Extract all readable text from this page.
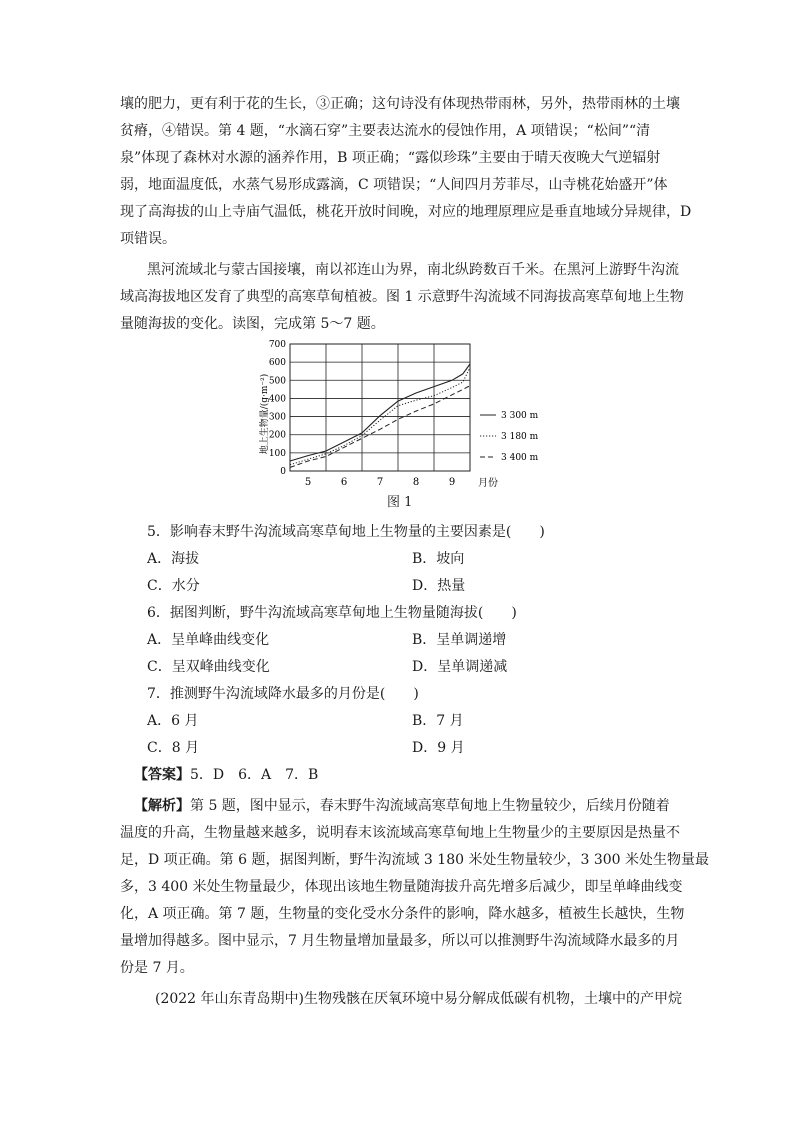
壤的肥力，更有利于花的生长，③正确；这句诗没有体现热带雨林，另外，热带雨林的土壤
贫瘠，④错误。第 4 题，“水滴石穿”主要表达流水的侵蚀作用，A 项错误；“松间”“清
泉”体现了森林对水源的涵养作用，B 项正确；“露似珍珠”主要由于晴天夜晚大气逆辐射
弱，地面温度低，水蒸气易形成露滴，C 项错误；“人间四月芳菲尽，山寺桃花始盛开”体
现了高海拔的山上寺庙气温低，桃花开放时间晚，对应的地理原理应是垂直地域分异规律，D
项错误。
黑河流域北与蒙古国接壤，南以祁连山为界，南北纵跨数百千米。在黑河上游野牛沟流
域高海拔地区发育了典型的高寒草甸植被。图 1 示意野牛沟流域不同海拔高寒草甸地上生物
量随海拔的变化。读图，完成第 5～7 题。
地上生物量/(g·m⁻²)
0
100
200
300
400
500
600
700
5	6	7	8	9
3 300 m
3 180 m
3 400 m
月份
图 1
5．影响春末野牛沟流域高寒草甸地上生物量的主要因素是(　　)
A．海拔	B．坡向
C．水分	D．热量
6．据图判断，野牛沟流域高寒草甸地上生物量随海拔(　　)
A．呈单峰曲线变化	B．呈单调递增
C．呈双峰曲线变化	D．呈单调递减
7．推测野牛沟流域降水最多的月份是(　　)
A．6 月	B．7 月
C．8 月	D．9 月
【答案】5．D　6．A　7．B
【解析】第 5 题，图中显示，春末野牛沟流域高寒草甸地上生物量较少，后续月份随着
温度的升高，生物量越来越多，说明春末该流域高寒草甸地上生物量少的主要原因是热量不
足，D 项正确。第 6 题，据图判断，野牛沟流域 3 180 米处生物量较少，3 300 米处生物量最
多，3 400 米处生物量最少，体现出该地生物量随海拔升高先增多后减少，即呈单峰曲线变
化，A 项正确。第 7 题，生物量的变化受水分条件的影响，降水越多，植被生长越快，生物
量增加得越多。图中显示，7 月生物量增加量最多，所以可以推测野牛沟流域降水最多的月
份是 7 月。
(2022 年山东青岛期中)生物残骸在厌氧环境中易分解成低碳有机物，土壤中的产甲烷
